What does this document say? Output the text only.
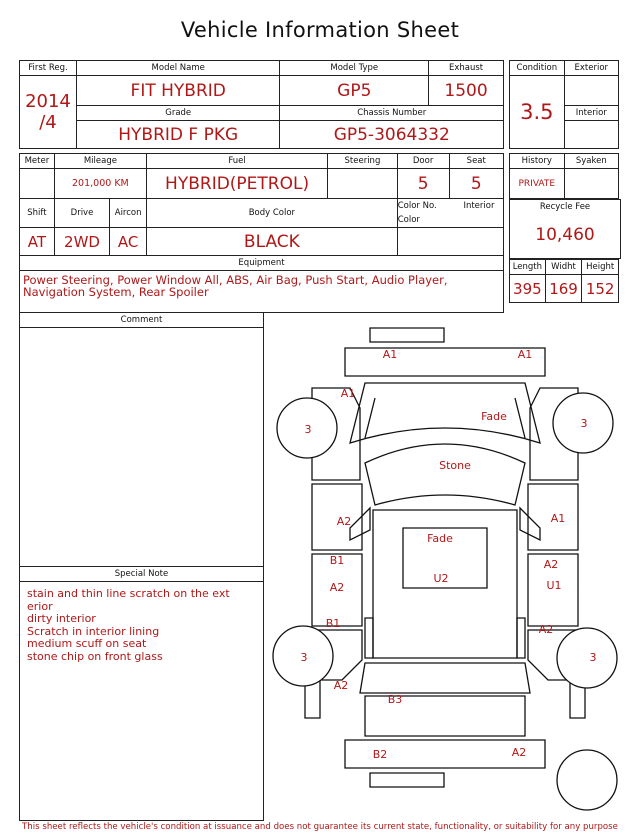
Vehicle Information Sheet
First Reg.	Model Name	Model Type	Exhaust

2014
/4	FIT HYBRID	GP5	1500
	Grade	Chassis Number	
	HYBRID F PKG	GP5-3064332	
Condition	Exterior
3.5	
	Interior

Meter	Mileage		Fuel	Steering	Door	Seat
	201,000 KM		HYBRID(PETROL)		5	5
Shift	Drive	Aircon	Body Color		Color No. Interior Color	
AT	2WD	AC	BLACK			
Equipment						
Power Steering, Power Window All, ABS, Air Bag, Push Start, Audio Player, Navigation System, Rear Spoiler						
History	Syaken
PRIVATE	
Recycle Fee
10,460
Length	Widht	Height
395	169	152
Comment
Special Note
stain and thin line scratch on the ext
erior
dirty interior
Scratch in interior lining
medium scuff on seat
stone chip on front glass
A1	A1
A1
Fade
Stone
A2	A1
Fade
B1
A2
A2
U2
U1
B1	A2
A2
B3
B2	A2
3	3
3	3
This sheet reflects the vehicle's condition at issuance and does not guarantee its current state, functionality, or suitability for any purpose
